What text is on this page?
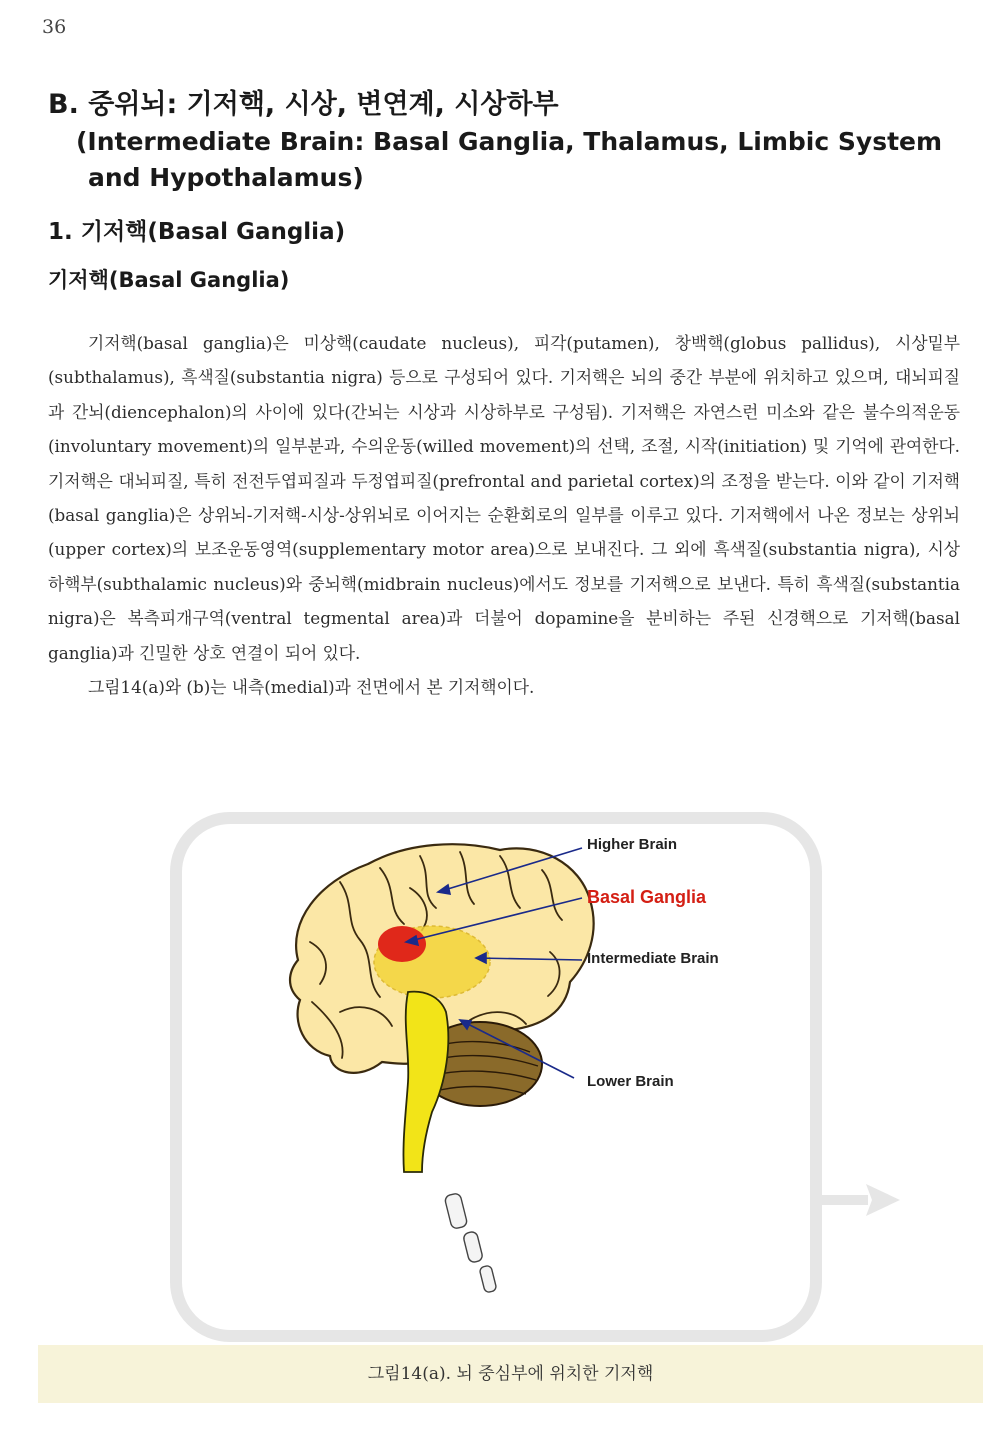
36
B. 중위뇌: 기저핵, 시상, 변연계, 시상하부
(Intermediate Brain: Basal Ganglia, Thalamus, Limbic System
and Hypothalamus)
1. 기저핵(Basal Ganglia)
기저핵(Basal Ganglia)

기저핵(basal ganglia)은 미상핵(caudate nucleus), 피각(putamen), 창백핵(globus pallidus), 시상밑부(subthalamus), 흑색질(substantia nigra) 등으로 구성되어 있다. 기저핵은 뇌의 중간 부분에 위치하고 있으며, 대뇌피질과 간뇌(diencephalon)의 사이에 있다(간뇌는 시상과 시상하부로 구성됨). 기저핵은 자연스런 미소와 같은 불수의적운동(involuntary movement)의 일부분과, 수의운동(willed movement)의 선택, 조절, 시작(initiation) 및 기억에 관여한다. 기저핵은 대뇌피질, 특히 전전두엽피질과 두정엽피질(prefrontal and parietal cortex)의 조정을 받는다. 이와 같이 기저핵(basal ganglia)은 상위뇌-기저핵-시상-상위뇌로 이어지는 순환회로의 일부를 이루고 있다. 기저핵에서 나온 정보는 상위뇌(upper cortex)의 보조운동영역(supplementary motor area)으로 보내진다. 그 외에 흑색질(substantia nigra), 시상하핵부(subthalamic nucleus)와 중뇌핵(midbrain nucleus)에서도 정보를 기저핵으로 보낸다. 특히 흑색질(substantia nigra)은 복측피개구역(ventral tegmental area)과 더불어 dopamine을 분비하는 주된 신경핵으로 기저핵(basal ganglia)과 긴밀한 상호 연결이 되어 있다.

그림14(a)와 (b)는 내측(medial)과 전면에서 본 기저핵이다.

Higher Brain
Basal Ganglia
Intermediate Brain
Lower Brain
그림14(a). 뇌 중심부에 위치한 기저핵
